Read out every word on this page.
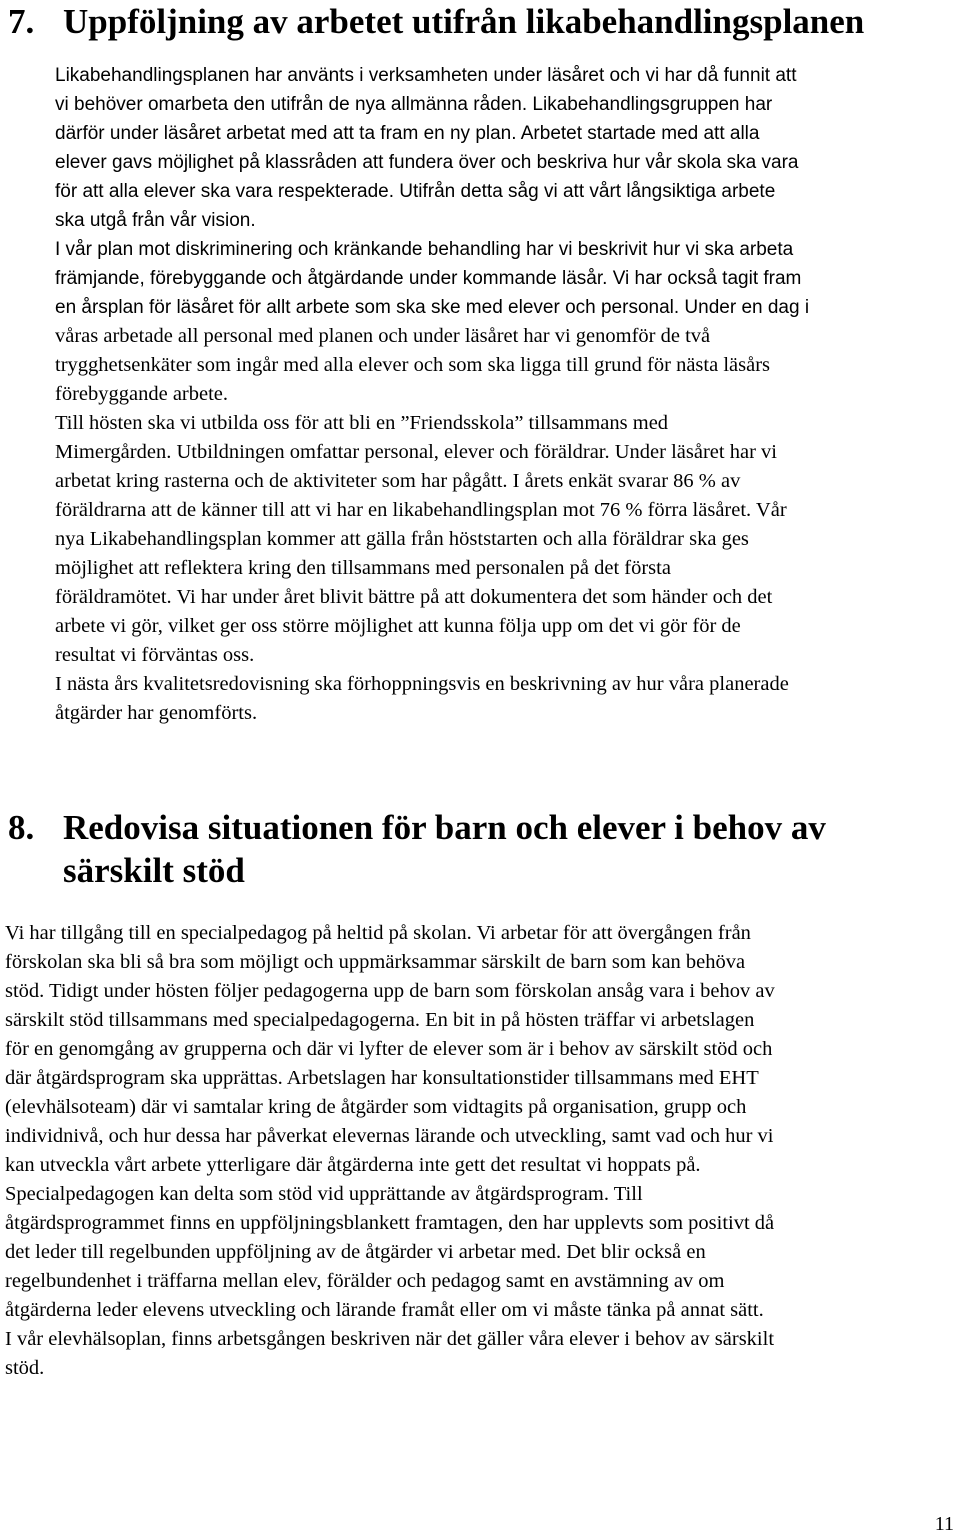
7. Uppföljning av arbetet utifrån likabehandlingsplanen
Likabehandlingsplanen har använts i verksamheten under läsåret och vi har då funnit att
vi behöver omarbeta den utifrån de nya allmänna råden. Likabehandlingsgruppen har
därför under läsåret arbetat med att ta fram en ny plan. Arbetet startade med att alla
elever gavs möjlighet på klassråden att fundera över och beskriva hur vår skola ska vara
för att alla elever ska vara respekterade. Utifrån detta såg vi att vårt långsiktiga arbete
ska utgå från vår vision.
I vår plan mot diskriminering och kränkande behandling har vi beskrivit hur vi ska arbeta
främjande, förebyggande och åtgärdande under kommande läsår. Vi har också tagit fram
en årsplan för läsåret för allt arbete som ska ske med elever och personal. Under en dag i
våras arbetade all personal med planen och under läsåret har vi genomför de två
trygghetsenkäter som ingår med alla elever och som ska ligga till grund för nästa läsårs
förebyggande arbete.
Till hösten ska vi utbilda oss för att bli en ”Friendsskola” tillsammans med
Mimergården. Utbildningen omfattar personal, elever och föräldrar. Under läsåret har vi
arbetat kring rasterna och de aktiviteter som har pågått. I årets enkät svarar 86 % av
föräldrarna att de känner till att vi har en likabehandlingsplan mot 76 % förra läsåret. Vår
nya Likabehandlingsplan kommer att gälla från höststarten och alla föräldrar ska ges
möjlighet att reflektera kring den tillsammans med personalen på det första
föräldramötet. Vi har under året blivit bättre på att dokumentera det som händer och det
arbete vi gör, vilket ger oss större möjlighet att kunna följa upp om det vi gör för de
resultat vi förväntas oss.
I nästa års kvalitetsredovisning ska förhoppningsvis en beskrivning av hur våra planerade
åtgärder har genomförts.
8. Redovisa situationen för barn och elever i behov av
särskilt stöd
Vi har tillgång till en specialpedagog på heltid på skolan. Vi arbetar för att övergången från
förskolan ska bli så bra som möjligt och uppmärksammar särskilt de barn som kan behöva
stöd. Tidigt under hösten följer pedagogerna upp de barn som förskolan ansåg vara i behov av
särskilt stöd tillsammans med specialpedagogerna. En bit in på hösten träffar vi arbetslagen
för en genomgång av grupperna och där vi lyfter de elever som är i behov av särskilt stöd och
där åtgärdsprogram ska upprättas. Arbetslagen har konsultationstider tillsammans med EHT
(elevhälsoteam) där vi samtalar kring de åtgärder som vidtagits på organisation, grupp och
individnivå, och hur dessa har påverkat elevernas lärande och utveckling, samt vad och hur vi
kan utveckla vårt arbete ytterligare där åtgärderna inte gett det resultat vi hoppats på.
Specialpedagogen kan delta som stöd vid upprättande av åtgärdsprogram. Till
åtgärdsprogrammet finns en uppföljningsblankett framtagen, den har upplevts som positivt då
det leder till regelbunden uppföljning av de åtgärder vi arbetar med. Det blir också en
regelbundenhet i träffarna mellan elev, förälder och pedagog samt en avstämning av om
åtgärderna leder elevens utveckling och lärande framåt eller om vi måste tänka på annat sätt.
I vår elevhälsoplan, finns arbetsgången beskriven när det gäller våra elever i behov av särskilt
stöd.
11
